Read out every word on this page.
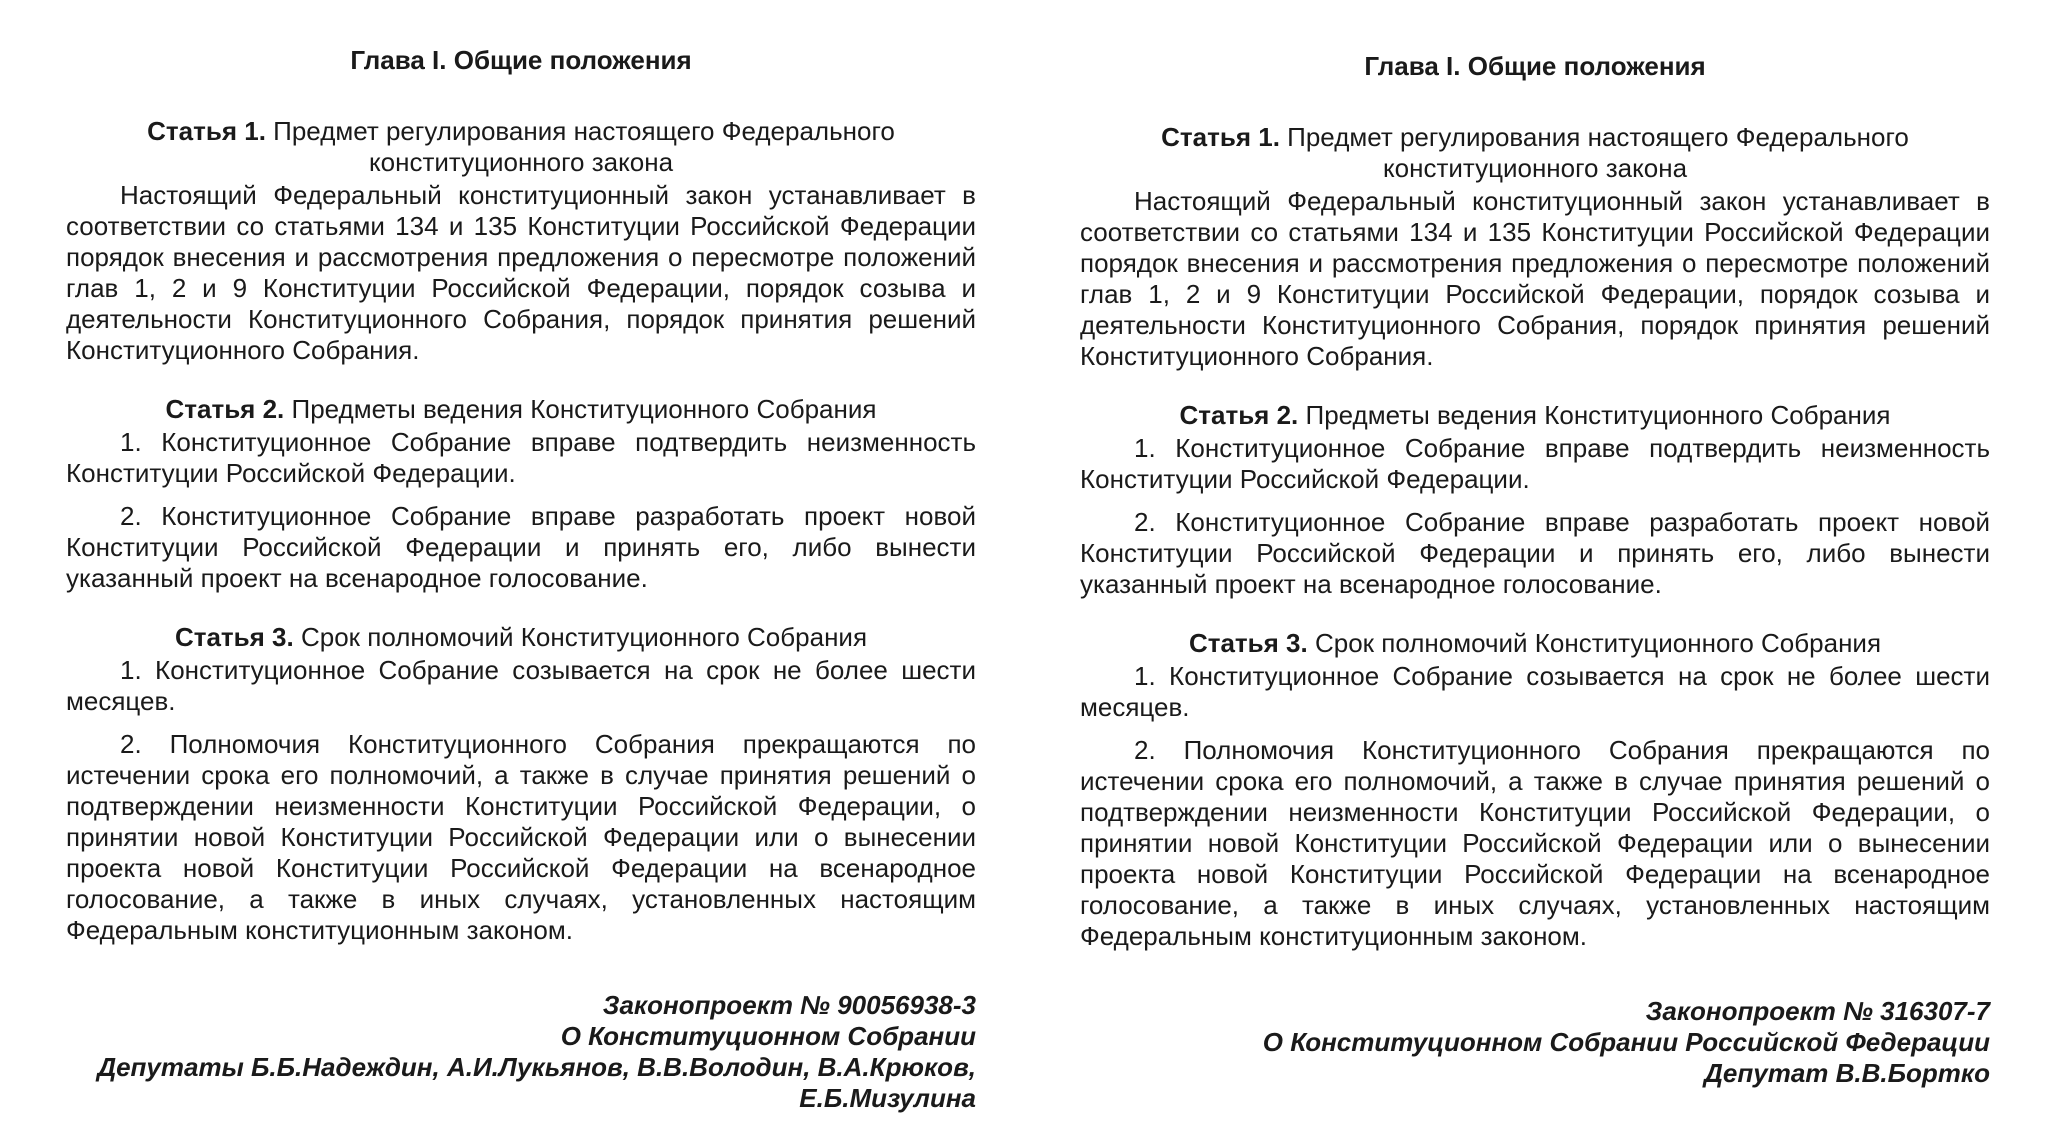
Глава I. Общие положения
Статья 1. Предмет регулирования настоящего Федерального конституционного закона

Настоящий Федеральный конституционный закон устанавливает в соответствии со статьями 134 и 135 Конституции Российской Федерации порядок внесения и рассмотрения предложения о пересмотре положений глав 1, 2 и 9 Конституции Российской Федерации, порядок созыва и деятельности Конституционного Собрания, порядок принятия решений Конституционного Собрания.

Статья 2. Предметы ведения Конституционного Собрания

1. Конституционное Собрание вправе подтвердить неизменность Конституции Российской Федерации.

2. Конституционное Собрание вправе разработать проект новой Конституции Российской Федерации и принять его, либо вынести указанный проект на всенародное голосование.

Статья 3. Срок полномочий Конституционного Собрания

1. Конституционное Собрание созывается на срок не более шести месяцев.

2. Полномочия Конституционного Собрания прекращаются по истечении срока его полномочий, а также в случае принятия решений о подтверждении неизменности Конституции Российской Федерации, о принятии новой Конституции Российской Федерации или о вынесении проекта новой Конституции Российской Федерации на всенародное голосование, а также в иных случаях, установленных настоящим Федеральным конституционным законом.

Законопроект № 90056938-3
О Конституционном Собрании
Депутаты Б.Б.Надеждин, А.И.Лукьянов, В.В.Володин, В.А.Крюков,
Е.Б.Мизулина
Глава I. Общие положения
Статья 1. Предмет регулирования настоящего Федерального конституционного закона

Настоящий Федеральный конституционный закон устанавливает в соответствии со статьями 134 и 135 Конституции Российской Федерации порядок внесения и рассмотрения предложения о пересмотре положений глав 1, 2 и 9 Конституции Российской Федерации, порядок созыва и деятельности Конституционного Собрания, порядок принятия решений Конституционного Собрания.

Статья 2. Предметы ведения Конституционного Собрания

1. Конституционное Собрание вправе подтвердить неизменность Конституции Российской Федерации.

2. Конституционное Собрание вправе разработать проект новой Конституции Российской Федерации и принять его, либо вынести указанный проект на всенародное голосование.

Статья 3. Срок полномочий Конституционного Собрания

1. Конституционное Собрание созывается на срок не более шести месяцев.

2. Полномочия Конституционного Собрания прекращаются по истечении срока его полномочий, а также в случае принятия решений о подтверждении неизменности Конституции Российской Федерации, о принятии новой Конституции Российской Федерации или о вынесении проекта новой Конституции Российской Федерации на всенародное голосование, а также в иных случаях, установленных настоящим Федеральным конституционным законом.

Законопроект № 316307-7
О Конституционном Собрании Российской Федерации
Депутат В.В.Бортко
